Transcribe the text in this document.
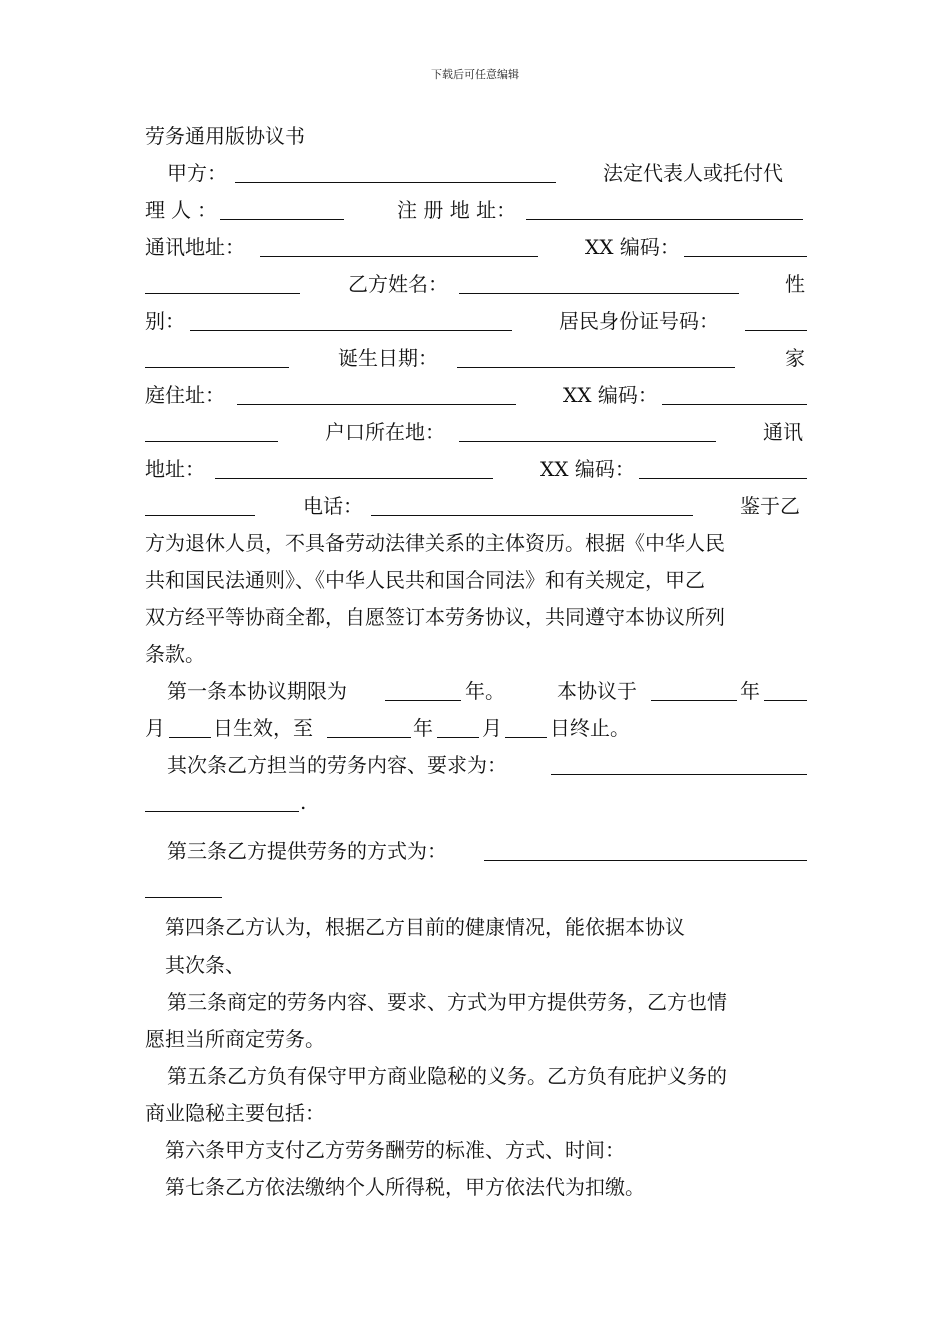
下载后可任意编辑
劳务通用版协议书
甲方：	法定代表人或托付代
理人：	注 册 地 址：
通讯地址：	XX 编码：
乙方姓名：	性
别：	居民身份证号码：
诞生日期：	家
庭住址：	XX 编码：
户口所在地：	通讯
地址：	XX 编码：
电话：	鉴于乙
方为退休人员，不具备劳动法律关系的主体资历。根据《中华人民
共和国民法通则》、《中华人民共和国合同法》和有关规定，甲乙
双方经平等协商全都，自愿签订本劳务协议，共同遵守本协议所列
条款。
第一条本协议期限为	年。	本协议于	年
月 日生效，至	年 月 日终止。
其次条乙方担当的劳务内容、要求为：
.
第三条乙方提供劳务的方式为：
第四条乙方认为，根据乙方目前的健康情况，能依据本协议
其次条、
第三条商定的劳务内容、要求、方式为甲方提供劳务，乙方也情
愿担当所商定劳务。
第五条乙方负有保守甲方商业隐秘的义务。乙方负有庇护义务的
商业隐秘主要包括：
第六条甲方支付乙方劳务酬劳的标准、方式、时间：
第七条乙方依法缴纳个人所得税，甲方依法代为扣缴。
